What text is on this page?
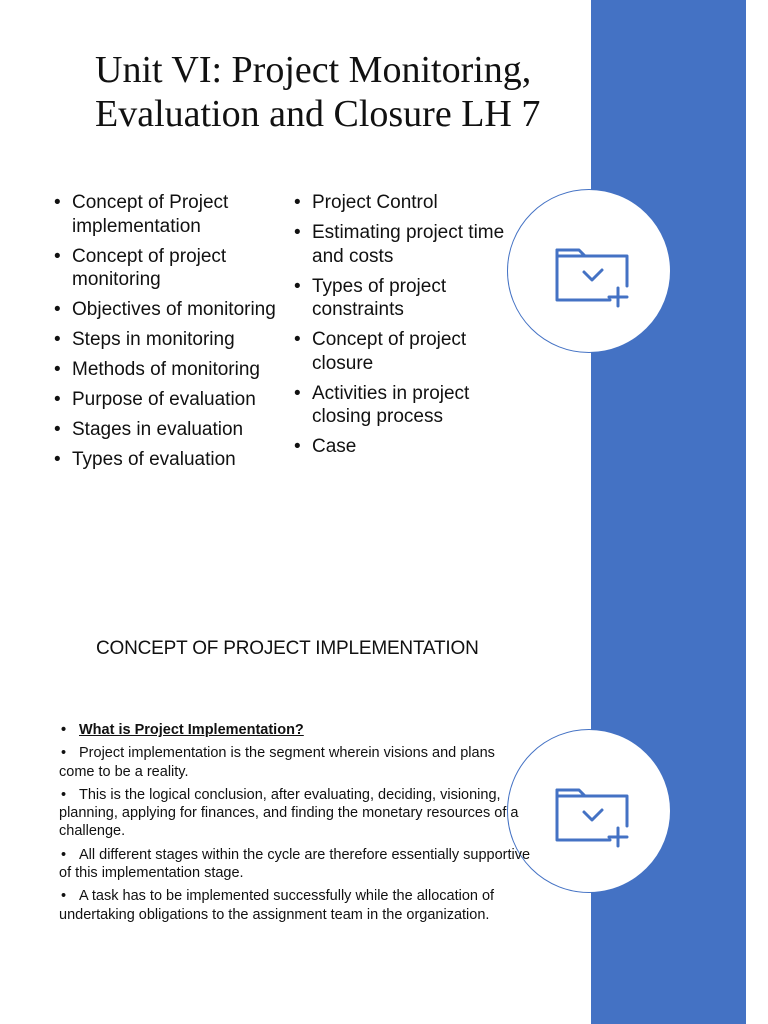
Unit VI: Project Monitoring, Evaluation and Closure LH 7
• Concept of Project implementation
• Concept of project monitoring
• Objectives of monitoring
• Steps in monitoring
• Methods of monitoring
• Purpose of evaluation
• Stages in evaluation
• Types of evaluation
• Project Control
• Estimating project time and costs
• Types of project constraints
• Concept of project closure
• Activities in project closing process
• Case
CONCEPT OF PROJECT IMPLEMENTATION
• What is Project Implementation?
• Project implementation is the segment wherein visions and plans come to be a reality.
• This is the logical conclusion, after evaluating, deciding, visioning, planning, applying for finances, and finding the monetary resources of a challenge.
• All different stages within the cycle are therefore essentially supportive of this implementation stage.
• A task has to be implemented successfully while the allocation of undertaking obligations to the assignment team in the organization.
